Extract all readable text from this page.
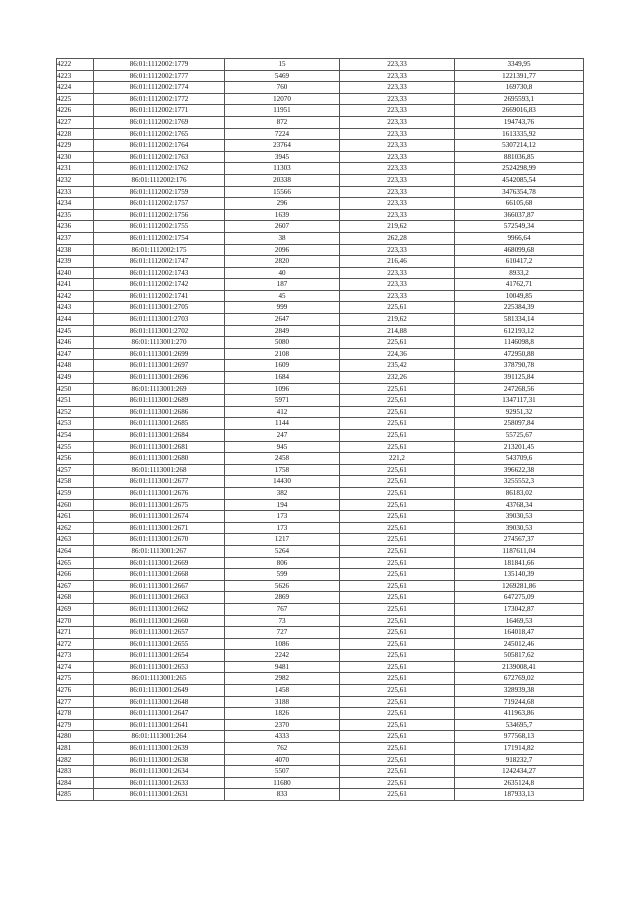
4222	86:01:1112002:1779	15	223,33	3349,95
4223	86:01:1112002:1777	5469	223,33	1221391,77
4224	86:01:1112002:1774	760	223,33	169730,8
4225	86:01:1112002:1772	12070	223,33	2695593,1
4226	86:01:1112002:1771	11951	223,33	2669016,83
4227	86:01:1112002:1769	872	223,33	194743,76
4228	86:01:1112002:1765	7224	223,33	1613335,92
4229	86:01:1112002:1764	23764	223,33	5307214,12
4230	86:01:1112002:1763	3945	223,33	881036,85
4231	86:01:1112002:1762	11303	223,33	2524298,99
4232	86:01:1112002:176	20338	223,33	4542085,54
4233	86:01:1112002:1759	15566	223,33	3476354,78
4234	86:01:1112002:1757	296	223,33	66105,68
4235	86:01:1112002:1756	1639	223,33	366037,87
4236	86:01:1112002:1755	2607	219,62	572549,34
4237	86:01:1112002:1754	38	262,28	9966,64
4238	86:01:1112002:175	2096	223,33	468099,68
4239	86:01:1112002:1747	2820	216,46	610417,2
4240	86:01:1112002:1743	40	223,33	8933,2
4241	86:01:1112002:1742	187	223,33	41762,71
4242	86:01:1112002:1741	45	223,33	10049,85
4243	86:01:1113001:2705	999	225,61	225384,39
4244	86:01:1113001:2703	2647	219,62	581334,14
4245	86:01:1113001:2702	2849	214,88	612193,12
4246	86:01:1113001:270	5080	225,61	1146098,8
4247	86:01:1113001:2699	2108	224,36	472950,88
4248	86:01:1113001:2697	1609	235,42	378790,78
4249	86:01:1113001:2696	1684	232,26	391125,84
4250	86:01:1113001:269	1096	225,61	247268,56
4251	86:01:1113001:2689	5971	225,61	1347117,31
4252	86:01:1113001:2686	412	225,61	92951,32
4253	86:01:1113001:2685	1144	225,61	258097,84
4254	86:01:1113001:2684	247	225,61	55725,67
4255	86:01:1113001:2681	945	225,61	213201,45
4256	86:01:1113001:2680	2458	221,2	543709,6
4257	86:01:1113001:268	1758	225,61	396622,38
4258	86:01:1113001:2677	14430	225,61	3255552,3
4259	86:01:1113001:2676	382	225,61	86183,02
4260	86:01:1113001:2675	194	225,61	43768,34
4261	86:01:1113001:2674	173	225,61	39030,53
4262	86:01:1113001:2671	173	225,61	39030,53
4263	86:01:1113001:2670	1217	225,61	274567,37
4264	86:01:1113001:267	5264	225,61	1187611,04
4265	86:01:1113001:2669	806	225,61	181841,66
4266	86:01:1113001:2668	599	225,61	135140,39
4267	86:01:1113001:2667	5626	225,61	1269281,86
4268	86:01:1113001:2663	2869	225,61	647275,09
4269	86:01:1113001:2662	767	225,61	173042,87
4270	86:01:1113001:2660	73	225,61	16469,53
4271	86:01:1113001:2657	727	225,61	164018,47
4272	86:01:1113001:2655	1086	225,61	245012,46
4273	86:01:1113001:2654	2242	225,61	505817,62
4274	86:01:1113001:2653	9481	225,61	2139008,41
4275	86:01:1113001:265	2982	225,61	672769,02
4276	86:01:1113001:2649	1458	225,61	328939,38
4277	86:01:1113001:2648	3188	225,61	719244,68
4278	86:01:1113001:2647	1826	225,61	411963,86
4279	86:01:1113001:2641	2370	225,61	534695,7
4280	86:01:1113001:264	4333	225,61	977568,13
4281	86:01:1113001:2639	762	225,61	171914,82
4282	86:01:1113001:2638	4070	225,61	918232,7
4283	86:01:1113001:2634	5507	225,61	1242434,27
4284	86:01:1113001:2633	11680	225,61	2635124,8
4285	86:01:1113001:2631	833	225,61	187933,13
